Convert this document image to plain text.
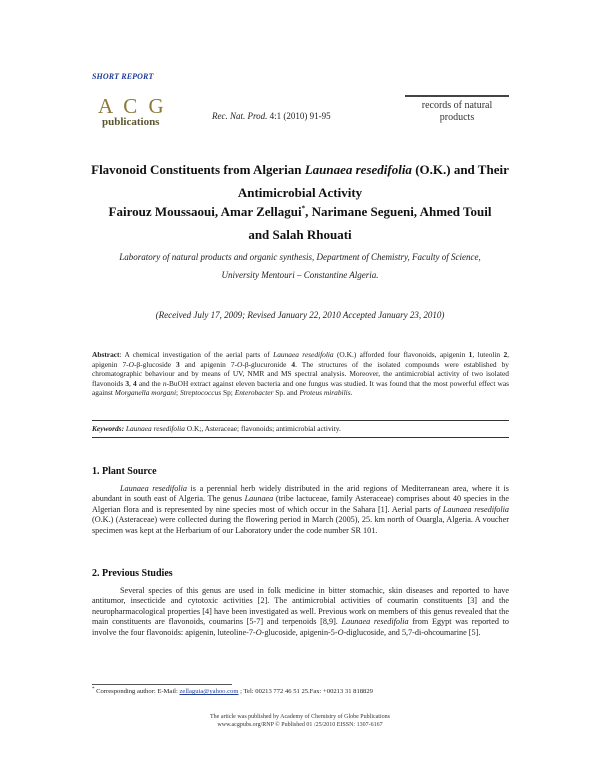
SHORT REPORT
A C G
publications	Rec. Nat. Prod. 4:1 (2010) 91-95
records of natural
products
Flavonoid Constituents from Algerian Launaea resedifolia (O.K.) and Their
Antimicrobial Activity
Fairouz Moussaoui, Amar Zellagui*, Narimane Segueni, Ahmed Touil
and Salah Rhouati
Laboratory of natural products and organic synthesis, Department of Chemistry, Faculty of Science,
University Mentouri – Constantine Algeria.
(Received July 17, 2009; Revised January 22, 2010 Accepted January 23, 2010)
Abstract: A chemical investigation of the aerial parts of Launaea resedifolia (O.K.) afforded four flavonoids, apigenin 1, luteolin 2, apigenin 7-O-β-glucoside 3 and apigenin 7-O-β-glucuronide 4. The structures of the isolated compounds were established by chromatographic behaviour and by means of UV, NMR and MS spectral analysis. Moreover, the antimicrobial activity of two isolated flavonoids 3, 4 and the n-BuOH extract against eleven bacteria and one fungus was studied. It was found that the most powerful effect was against Morganella morgani; Streptococcus Sp; Enterobacter Sp. and Proteus mirabilis.
Keywords: Launaea resedifolia O.K;, Asteraceae; flavonoids; antimicrobial activity.
1. Plant Source
Launaea resedifolia is a perennial herb widely distributed in the arid regions of Mediterranean area, where it is abundant in south east of Algeria. The genus Launaea (tribe lactuceae, family Asteraceae) comprises about 40 species in the Algerian flora and is represented by nine species most of which occur in the Sahara [1]. Aerial parts of Launaea resedifolia (O.K.) (Asteraceae) were collected during the flowering period in March (2005), 25. km north of Ouargla, Algeria. A voucher specimen was kept at the Herbarium of our Laboratory under the code number SR 101.
2. Previous Studies
Several species of this genus are used in folk medicine in bitter stomachic, skin diseases and reported to have antitumor, insecticide and cytotoxic activities [2]. The antimicrobial activities of coumarin constituents [3] and the neuropharmacological properties [4] have been investigated as well. Previous work on members of this genus revealed that the main constituents are flavonoids, coumarins [5-7] and terpenoids [8,9]. Launaea resedifolia from Egypt was reported to involve the four flavonoids: apigenin, luteoline-7-O-glucoside, apigenin-5-O-diglucoside, and 5,7-di-ohcoumarine [5].
* Corresponding author: E-Mail: zellaguia@yahoo.com ; Tel: 00213 772 46 51 25.Fax: +00213 31 818829
The article was published by Academy of Chemistry of Globe Publications
www.acgpubs.org/RNP © Published 01 /25/2010 EISSN: 1307-6167
